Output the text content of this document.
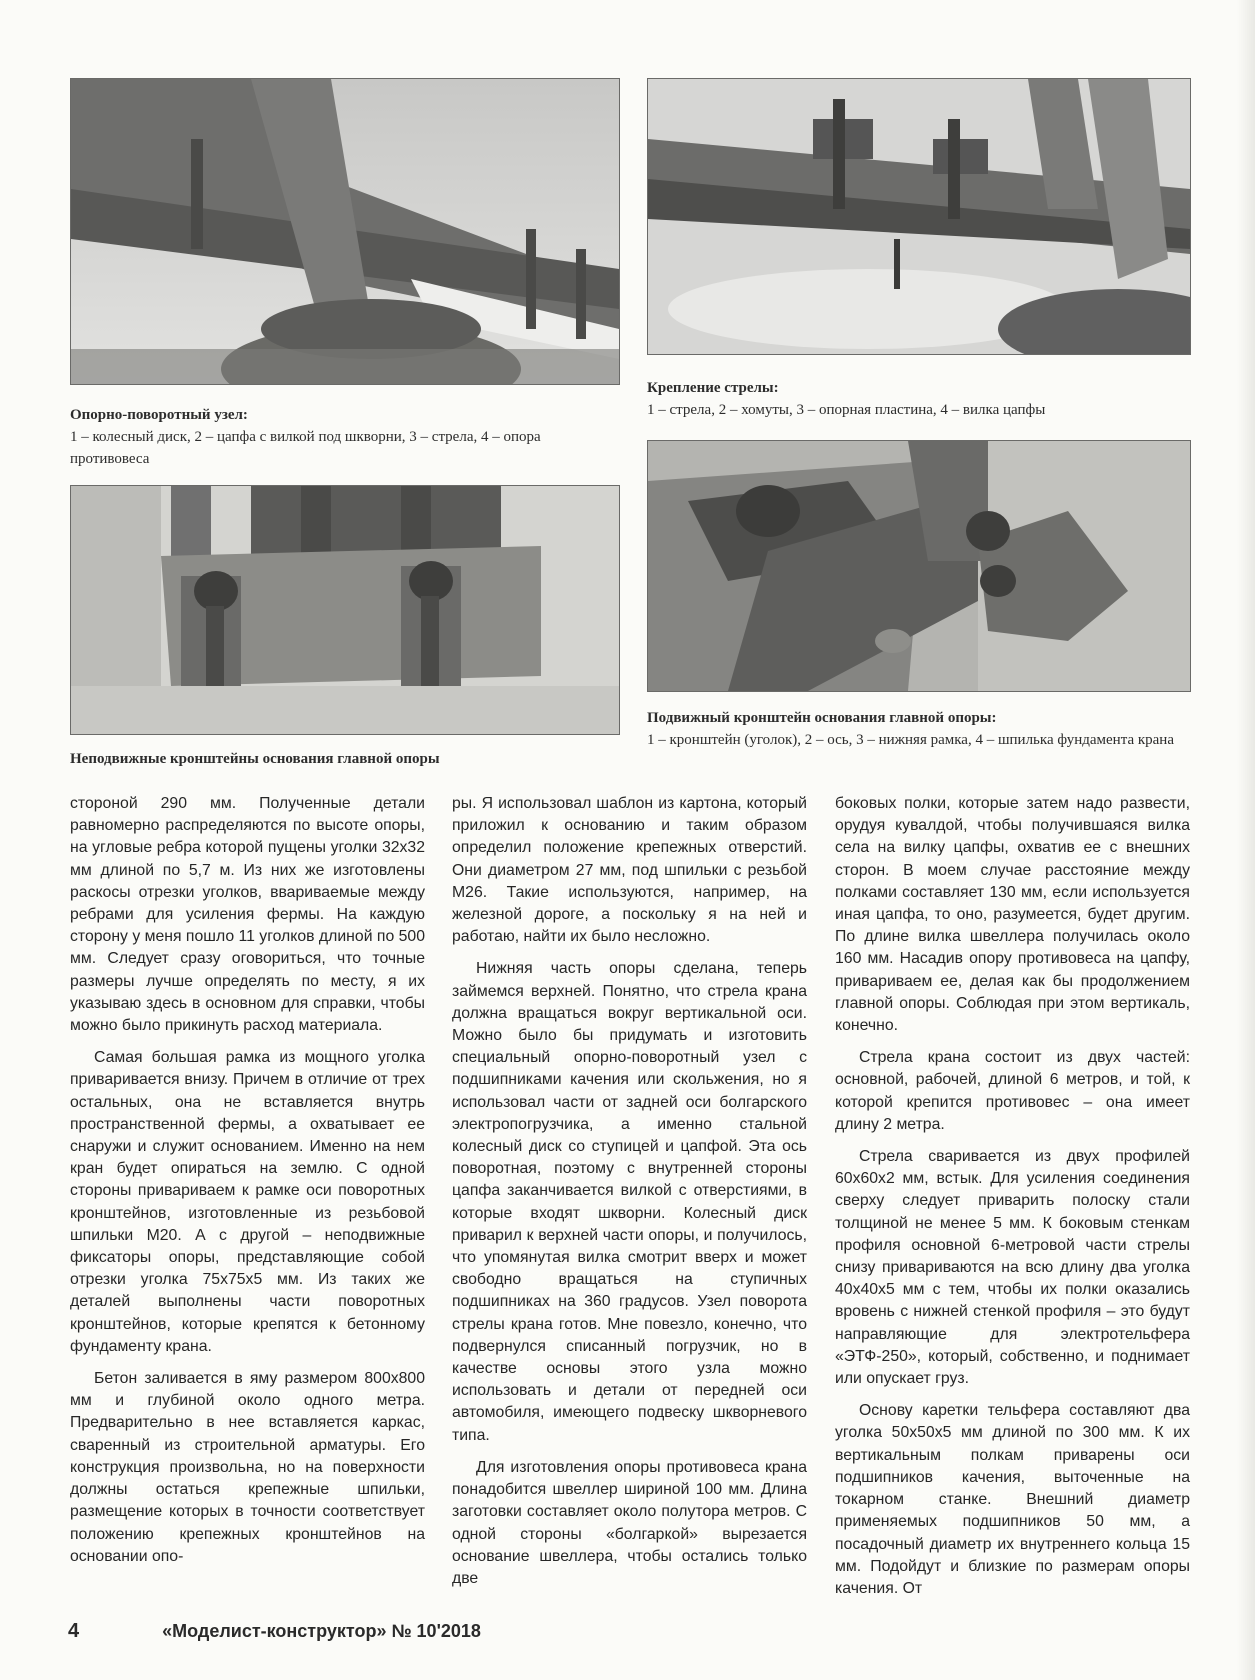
Крепление стрелы:
1 – стрела, 2 – хомуты, 3 – опорная пластина, 4 – вилка цапфы
Опорно-поворотный узел:
1 – колесный диск, 2 – цапфа с вилкой под шкворни, 3 – стрела, 4 – опора противовеса
Подвижный кронштейн основания главной опоры:
1 – кронштейн (уголок), 2 – ось, 3 – нижняя рамка, 4 – шпилька фундамента крана
Неподвижные кронштейны основания главной опоры

стороной 290 мм. Полученные детали равномерно распределяются по высоте опоры, на угловые ребра которой пущены уголки 32х32 мм длиной по 5,7 м. Из них же изготовлены раскосы отрезки уголков, ввариваемые между ребрами для усиления фермы. На каждую сторону у меня пошло 11 уголков длиной по 500 мм. Следует сразу оговориться, что точные размеры лучше определять по месту, я их указываю здесь в основном для справки, чтобы можно было прикинуть расход материала.

Самая большая рамка из мощного уголка приваривается внизу. Причем в отличие от трех остальных, она не вставляется внутрь пространственной фермы, а охватывает ее снаружи и служит основанием. Именно на нем кран будет опираться на землю. С одной стороны привариваем к рамке оси поворотных кронштейнов, изготовленные из резьбовой шпильки М20. А с другой – неподвижные фиксаторы опоры, представляющие собой отрезки уголка 75х75х5 мм. Из таких же деталей выполнены части поворотных кронштейнов, которые крепятся к бетонному фундаменту крана.

Бетон заливается в яму размером 800х800 мм и глубиной около одного метра. Предварительно в нее вставляется каркас, сваренный из строительной арматуры. Его конструкция произвольна, но на поверхности должны остаться крепежные шпильки, размещение которых в точности соответствует положению крепежных кронштейнов на основании опо-

ры. Я использовал шаблон из картона, который приложил к основанию и таким образом определил положение крепежных отверстий. Они диаметром 27 мм, под шпильки с резьбой М26. Такие используются, например, на железной дороге, а поскольку я на ней и работаю, найти их было несложно.

Нижняя часть опоры сделана, теперь займемся верхней. Понятно, что стрела крана должна вращаться вокруг вертикальной оси. Можно было бы придумать и изготовить специальный опорно-поворотный узел с подшипниками качения или скольжения, но я использовал части от задней оси болгарского электропогрузчика, а именно стальной колесный диск со ступицей и цапфой. Эта ось поворотная, поэтому с внутренней стороны цапфа заканчивается вилкой с отверстиями, в которые входят шкворни. Колесный диск приварил к верхней части опоры, и получилось, что упомянутая вилка смотрит вверх и может свободно вращаться на ступичных подшипниках на 360 градусов. Узел поворота стрелы крана готов. Мне повезло, конечно, что подвернулся списанный погрузчик, но в качестве основы этого узла можно использовать и детали от передней оси автомобиля, имеющего подвеску шкворневого типа.

Для изготовления опоры противовеса крана понадобится швеллер шириной 100 мм. Длина заготовки составляет около полутора метров. С одной стороны «болгаркой» вырезается основание швеллера, чтобы остались только две

боковых полки, которые затем надо развести, орудуя кувалдой, чтобы получившаяся вилка села на вилку цапфы, охватив ее с внешних сторон. В моем случае расстояние между полками составляет 130 мм, если используется иная цапфа, то оно, разумеется, будет другим. По длине вилка швеллера получилась около 160 мм. Насадив опору противовеса на цапфу, привариваем ее, делая как бы продолжением главной опоры. Соблюдая при этом вертикаль, конечно.

Стрела крана состоит из двух частей: основной, рабочей, длиной 6 метров, и той, к которой крепится противовес – она имеет длину 2 метра.

Стрела сваривается из двух профилей 60х60х2 мм, встык. Для усиления соединения сверху следует приварить полоску стали толщиной не менее 5 мм. К боковым стенкам профиля основной 6-метровой части стрелы снизу привариваются на всю длину два уголка 40х40х5 мм с тем, чтобы их полки оказались вровень с нижней стенкой профиля – это будут направляющие для электротельфера «ЭТФ-250», который, собственно, и поднимает или опускает груз.

Основу каретки тельфера составляют два уголка 50х50х5 мм длиной по 300 мм. К их вертикальным полкам приварены оси подшипников качения, выточенные на токарном станке. Внешний диаметр применяемых подшипников 50 мм, а посадочный диаметр их внутреннего кольца 15 мм. Подойдут и близкие по размерам опоры качения. От

4	«Моделист-конструктор» № 10'2018
